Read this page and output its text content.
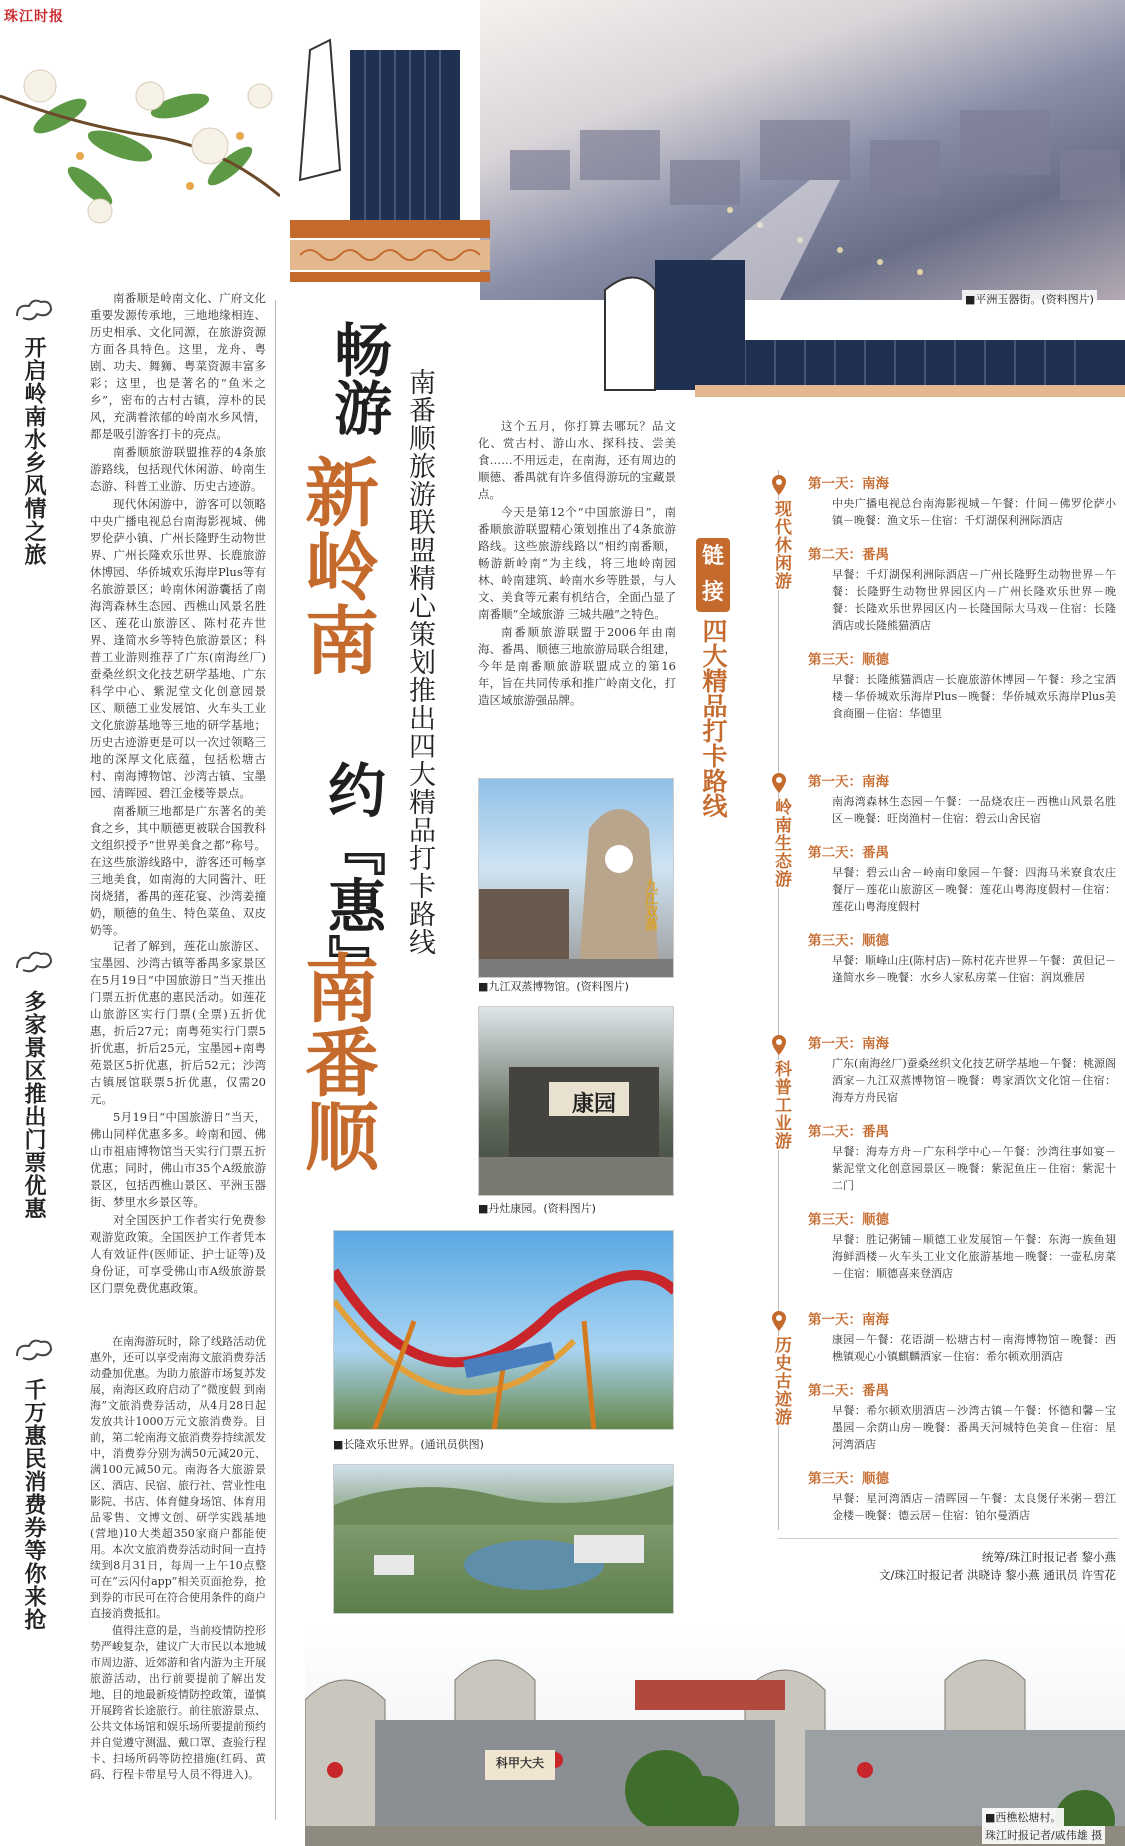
珠江时报

■平洲玉器街。(资料图片)
开启岭南水乡风情之旅

南番顺是岭南文化、广府文化重要发源传承地，三地地缘相连、历史相承、文化同源，在旅游资源方面各具特色。这里，龙舟、粤剧、功夫、舞狮、粤菜资源丰富多彩；这里，也是著名的“鱼米之乡”，密布的古村古镇，淳朴的民风，充满着浓郁的岭南水乡风情，都是吸引游客打卡的亮点。

南番顺旅游联盟推荐的4条旅游路线，包括现代休闲游、岭南生态游、科普工业游、历史古迹游。

现代休闲游中，游客可以领略中央广播电视总台南海影视城、佛罗伦萨小镇、广州长隆野生动物世界、广州长隆欢乐世界、长鹿旅游休博园、华侨城欢乐海岸Plus等有名旅游景区；岭南休闲游囊括了南海湾森林生态园、西樵山风景名胜区、莲花山旅游区、陈村花卉世界、逢简水乡等特色旅游景区；科普工业游则推荐了广东(南海丝厂)蚕桑丝织文化技艺研学基地、广东科学中心、紫泥堂文化创意园景区、顺德工业发展馆、火车头工业文化旅游基地等三地的研学基地；历史古迹游更是可以一次过领略三地的深厚文化底蕴，包括松塘古村、南海博物馆、沙湾古镇、宝墨园、清晖园、碧江金楼等景点。

南番顺三地都是广东著名的美食之乡，其中顺德更被联合国教科文组织授予“世界美食之都”称号。在这些旅游线路中，游客还可畅享三地美食，如南海的大同酱汁、旺岗烧猪，番禺的莲花宴、沙湾姜撞奶，顺德的鱼生、特色菜鱼、双皮奶等。

多家景区推出门票优惠

记者了解到，莲花山旅游区、宝墨园、沙湾古镇等番禺多家景区在5月19日“中国旅游日”当天推出门票五折优惠的惠民活动。如莲花山旅游区实行门票(全票)五折优惠，折后27元；南粤苑实行门票5折优惠，折后25元，宝墨园+南粤苑景区5折优惠，折后52元；沙湾古镇展馆联票5折优惠，仅需20元。

5月19日“中国旅游日”当天，佛山同样优惠多多。岭南和园、佛山市祖庙博物馆当天实行门票五折优惠；同时，佛山市35个A级旅游景区，包括西樵山景区、平洲玉器街、梦里水乡景区等。

对全国医护工作者实行免费参观游览政策。全国医护工作者凭本人有效证件(医师证、护士证等)及身份证，可享受佛山市A级旅游景区门票免费优惠政策。

千万惠民消费券等你来抢

在南海游玩时，除了线路活动优惠外，还可以享受南海文旅消费券活动叠加优惠。为助力旅游市场复苏发展，南海区政府启动了“微度假 到南海”文旅消费券活动，从4月28日起发放共计1000万元文旅消费券。目前，第二轮南海文旅消费券持续派发中，消费券分别为满50元减20元、满100元减50元。南海各大旅游景区、酒店、民宿、旅行社、营业性电影院、书店、体育健身场馆、体育用品零售、文博文创、研学实践基地(营地)10大类超350家商户都能使用。本次文旅消费券活动时间一直持续到8月31日，每周一上午10点整可在“云闪付app”相关页面抢券，抢到券的市民可在符合使用条件的商户直接消费抵扣。

值得注意的是，当前疫情防控形势严峻复杂，建议广大市民以本地城市周边游、近郊游和省内游为主开展旅游活动，出行前要提前了解出发地、目的地最新疫情防控政策，谨慎开展跨省长途旅行。前往旅游景点、公共文体场馆和娱乐场所要提前预约并自觉遵守测温、戴口罩、查验行程卡、扫场所码等防控措施(红码、黄码、行程卡带星号人员不得进入)。

畅游
新岭南
约『惠』
南番顺
南番顺旅游联盟精心策划推出四大精品打卡路线	这个五月，你打算去哪玩？品文化、赏古村、游山水、探科技、尝美食……不用远走，在南海，还有周边的顺德、番禺就有许多值得游玩的宝藏景点。

今天是第12个“中国旅游日”，南番顺旅游联盟精心策划推出了4条旅游路线。这些旅游线路以“相约南番顺，畅游新岭南”为主线，将三地岭南园林、岭南建筑、岭南水乡等胜景，与人文、美食等元素有机结合，全面凸显了南番顺“全域旅游 三城共融”之特色。

南番顺旅游联盟于2006年由南海、番禺、顺德三地旅游局联合组建，今年是南番顺旅游联盟成立的第16年，旨在共同传承和推广岭南文化，打造区域旅游强品牌。

九江双蒸
■九江双蒸博物馆。(资料图片)
康园
■丹灶康园。(资料图片)
■长隆欢乐世界。(通讯员供图)
链接
四大精品打卡路线
现代休闲游
第一天：南海
中央广播电视总台南海影视城－午餐：什间－佛罗伦萨小镇－晚餐：渔文乐－住宿：千灯湖保利洲际酒店
第二天：番禺
早餐：千灯湖保利洲际酒店－广州长隆野生动物世界－午餐：长隆野生动物世界园区内－广州长隆欢乐世界－晚餐：长隆欢乐世界园区内－长隆国际大马戏－住宿：长隆酒店或长隆熊猫酒店
第三天：顺德
早餐：长隆熊猫酒店－长鹿旅游休博园－午餐：珍之宝酒楼－华侨城欢乐海岸Plus－晚餐：华侨城欢乐海岸Plus美食商圈－住宿：华德里
岭南生态游
第一天：南海
南海湾森林生态园－午餐：一品烧农庄－西樵山风景名胜区－晚餐：旺岗渔村－住宿：碧云山舍民宿
第二天：番禺
早餐：碧云山舍－岭南印象园－午餐：四海马米寮食农庄餐厅－莲花山旅游区－晚餐：莲花山粤海度假村－住宿：莲花山粤海度假村
第三天：顺德
早餐：顺峰山庄(陈村店)－陈村花卉世界－午餐：黄但记－逢简水乡－晚餐：水乡人家私房菜－住宿：润岚雅居
科普工业游
第一天：南海
广东(南海丝厂)蚕桑丝织文化技艺研学基地－午餐：桃源阁酒家－九江双蒸博物馆－晚餐：粤家酒饮文化馆－住宿：海寿方舟民宿
第二天：番禺
早餐：海寿方舟－广东科学中心－午餐：沙湾往事如宴－紫泥堂文化创意园景区－晚餐：紫泥鱼庄－住宿：紫泥十二门
第三天：顺德
早餐：胜记粥铺－顺德工业发展馆－午餐：东海一族鱼翅海鲜酒楼－火车头工业文化旅游基地－晚餐：一壶私房菜－住宿：顺德喜来登酒店
历史古迹游
第一天：南海
康园－午餐：花语湖－松塘古村－南海博物馆－晚餐：西樵镇观心小镇麒麟酒家－住宿：希尔顿欢朋酒店
第二天：番禺
早餐：希尔顿欢朋酒店－沙湾古镇－午餐：怀德和馨－宝墨园－余荫山房－晚餐：番禺天河城特色美食－住宿：星河湾酒店
第三天：顺德
早餐：星河湾酒店－清晖园－午餐：太良煲仔米粥－碧江金楼－晚餐：德云居－住宿：铂尔曼酒店
统筹/珠江时报记者 黎小燕
文/珠江时报记者 洪晓诗 黎小燕 通讯员 许雪花
科甲大夫
■西樵松塘村。
珠江时报记者/戚伟雄 摄
